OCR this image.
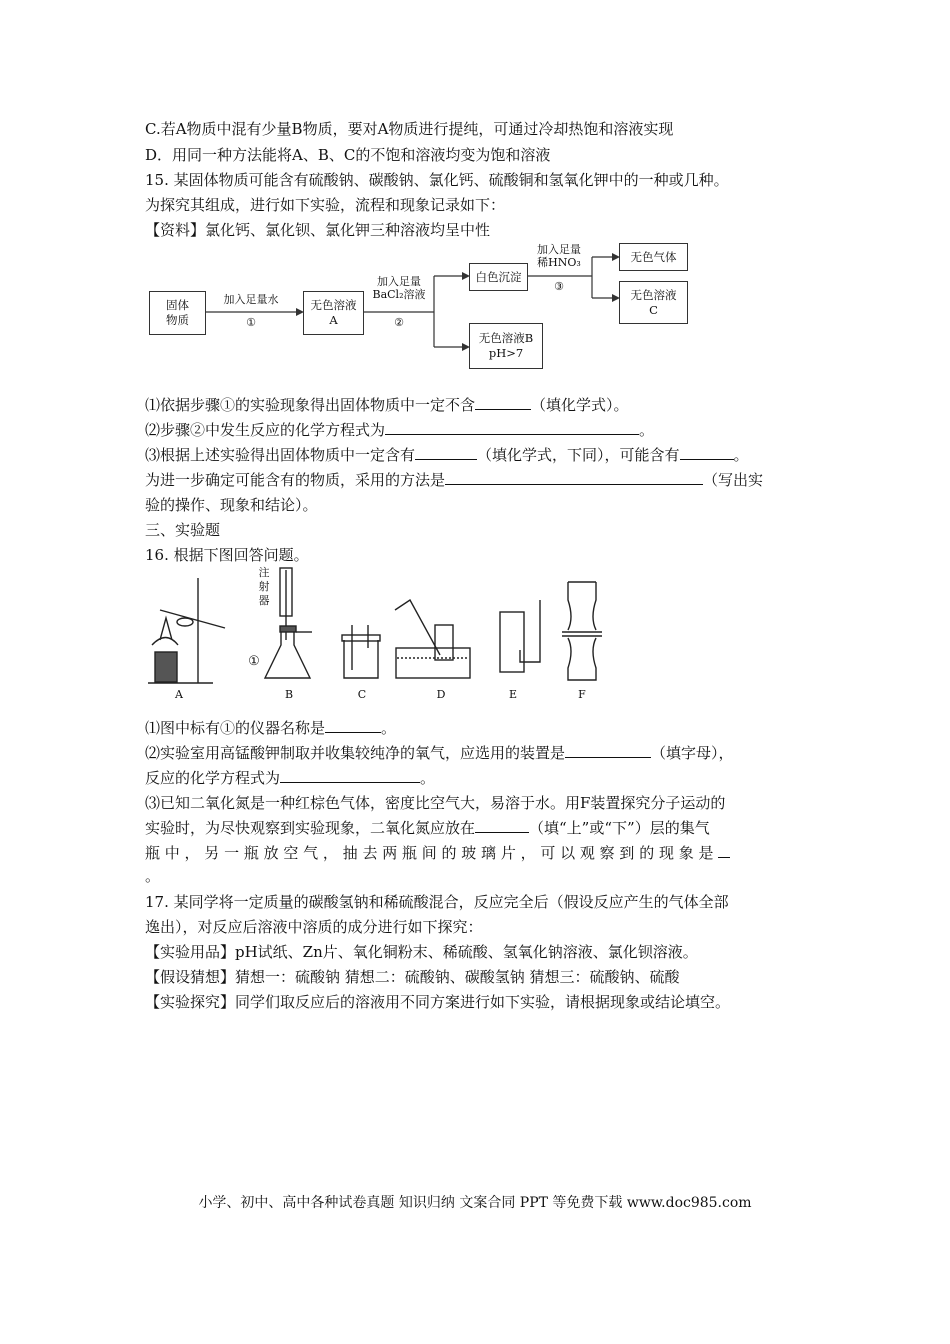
C.若A物质中混有少量B物质，要对A物质进行提纯，可通过冷却热饱和溶液实现
D．用同一种方法能将A、B、C的不饱和溶液均变为饱和溶液
15. 某固体物质可能含有硫酸钠、碳酸钠、氯化钙、硫酸铜和氢氧化钾中的一种或几种。
为探究其组成，进行如下实验，流程和现象记录如下：
【资料】氯化钙、氯化钡、氯化钾三种溶液均呈中性
固体
物质
加入足量水
①
无色溶液
A
加入足量
BaCl₂溶液
②
白色沉淀
无色溶液B
pH>7
加入足量
稀HNO₃
③
无色气体
无色溶液
C
⑴依据步骤①的实验现象得出固体物质中一定不含	（填化学式）。
⑵步骤②中发生反应的化学方程式为	。
⑶根据上述实验得出固体物质中一定含有	（填化学式，下同），可能含有	。
为进一步确定可能含有的物质，采用的方法是	（写出实
验的操作、现象和结论）。
三、实验题
16. 根据下图回答问题。
注
射
器
①
A	B	C	D	E	F
⑴图中标有①的仪器名称是	。
⑵实验室用高锰酸钾制取并收集较纯净的氧气，应选用的装置是	（填字母），
反应的化学方程式为	。
⑶已知二氧化氮是一种红棕色气体，密度比空气大，易溶于水。用F装置探究分子运动的
实验时，为尽快观察到实验现象，二氧化氮应放在	（填“上”或“下”）层的集气
瓶 中 ， 另 一 瓶 放 空 气 ， 抽 去 两 瓶 间 的 玻 璃 片 ， 可 以 观 察 到 的 现 象 是
。
17. 某同学将一定质量的碳酸氢钠和稀硫酸混合，反应完全后（假设反应产生的气体全部
逸出），对反应后溶液中溶质的成分进行如下探究：
【实验用品】pH试纸、Zn片、氧化铜粉末、稀硫酸、氢氧化钠溶液、氯化钡溶液。
【假设猜想】猜想一：硫酸钠 猜想二：硫酸钠、碳酸氢钠 猜想三：硫酸钠、硫酸
【实验探究】同学们取反应后的溶液用不同方案进行如下实验，请根据现象或结论填空。
小学、初中、高中各种试卷真题 知识归纳 文案合同 PPT 等免费下载 www.doc985.com
